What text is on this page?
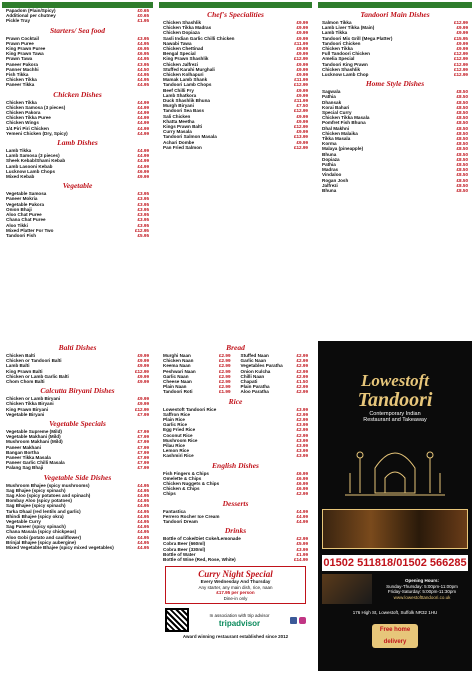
Papadom (Plain/Spicy)	£0.65
Additional per chutney	£0.65
Pickle Tray	£1.95
Starters/ Sea food
Prawn Cocktail	£3.95
Prawn Puree	£4.95
King Prawn Puree	£6.95
King Prawn Tawa	£6.95
Prawn Tawa	£4.95
Paneer Pakora	£3.95
Panner Machhi	£4.50
Fish Tikka	£4.95
Chicken Tikka	£4.95
Paneer Tikka	£4.95
Chicken Dishes
Chicken Tikka	£4.99
Chicken Samosa (3 pieces)	£4.99
Chicken Pakora	£4.99
Chicken Tikka Puree	£4.99
Chicken Wings	£4.99
1/4 Piri Piri Chicken	£4.99
Yemeni Chicken (Dry, Spicy)	£4.99
Lamb Dishes
Lamb Tikka	£4.99
Lamb Samosa (3 pieces)	£4.99
Sheek Kebab/Shami Kebab	£4.99
Lamb Lasooni Kebab	£4.99
Lucknow Lamb Chops	£6.99
Mixed Kebab	£9.99
Vegetable
Vegetable Samosa	£3.95
Paneer Mokria	£3.95
Vegetable Pakora	£3.95
Onion Bhaji	£3.95
Aloo Chat Puree	£3.95
Chana Chat Puree	£3.95
Aloo Tikki	£3.95
Mixed Platter For Two	£12.95
Tandoori Fish	£5.95
Chef's Specialities
Chicken Shashlik	£9.99
Chicken Tikka Madras	£9.99
Chicken Dopiaza	£9.99
Sasli Indian Garlic Chilli Chicken	£9.99
Nawabi Tawa	£11.99
Chicken Chettinad	£9.99
Bengal Special	£9.99
King Prawn Shashlik	£12.99
Chicken Jalfrezi	£9.99
Stuffed Karahi Murghali	£9.99
Chicken Kolhapuri	£9.99
Mamak Lamb Shank	£11.99
Tandoori Lamb Chops	£12.99
Beef Chilli Fry	£9.99
Lamb Shatkora	£9.99
Duck Shashlik Bhuna	£11.99
Murgh Biryani	£7.50
Tandoori Sea Bass	£12.99
Sali Chicken	£9.99
Khatta Meetha	£9.99
Kings Prawn Balti	£12.99
Curry Masala	£9.99
Tandoori Salmon Masala	£13.99
Achari Dombe	£9.99
Pan Fried Salmon	£12.99
Tandoori Main Dishes
Salmon Tikka	£12.99
Lamb Liver Tikka (Main)	£9.99
Lamb Tikka	£9.99
Tandoori Mix Grill (Mega Platter)	£15.95
Tandoori Chicken	£9.99
Chicken Tikka	£9.99
Full Tandoori Chicken	£12.99
Amelia Special	£12.99
Tandoori King Prawn	£12.99
Chicken Shashlik	£12.99
Lucknow Lamb Chop	£12.99
Home Style Dishes
Sagwala	£8.50
Pathia	£8.50
Dhansak	£8.50
Korai Bahari	£8.50
Special Curry	£8.50
Chicken Tikka Masala	£8.50
Pomfret Fish Bhuna	£8.50
Dhal Makhni	£8.50
Chicken Malaika	£8.50
Tikka Masala	£8.50
Korma	£8.50
Malaya (pineapple)	£8.50
Bhuna	£8.50
Dopiaza	£8.50
Pathia	£8.50
Madras	£8.50
Vindaloo	£8.50
Rogan Josh	£8.50
Jalfrezi	£8.50
Bhuna	£8.50
Balti Dishes
Chicken Balti	£9.99
Chicken or Tandoori Balti	£9.99
Lamb Balti	£9.99
King Prawn Balti	£12.99
Chicken or Lamb Garlic Balti	£9.99
Chom Chom Balti	£9.99
Calcutta Biryani Dishes
Chicken or Lamb Biryani	£9.99
Chicken Tikka Biryani	£9.99
King Prawn Biryani	£12.99
Vegetable Biryani	£7.99
Vegetable Specials
Vegetable Supreme (Mild)	£7.99
Vegetable Makhani (Mild)	£7.99
Mushroom Makhani (Mild)	£7.99
Paneer Makhani	£7.99
Bangan Bortha	£7.99
Paneer Tikka Masala	£7.99
Paneer Garlic Chilli Masala	£7.99
Palang Sag Bhaji	£7.99
Vegetable Side Dishes
Mushroom Bhajee (spicy mushrooms)	£4.95
Sag Bhajee (spicy spinach)	£4.95
Sag Aloo (spicy potatoes and spinach)	£4.95
Bombay Aloo (spicy potatoes)	£4.95
Sag Bhajee (spicy spinach)	£4.95
Tarka Dhaal (red lentils and garlic)	£4.95
Bhindi Bhajee (spicy okra)	£4.95
Vegetable Curry	£4.95
Sag Paneer (spicy spinach)	£4.95
Chana Masala (spicy chickpeas)	£4.95
Aloo Gobi (potato and cauliflower)	£4.95
Brinjal Bhajee (spicy aubergine)	£4.95
Mixed Vegetable Bhajee (spicy mixed vegetables)	£4.95
Bread
Murghi Naan	£2.99
Chicken Naan	£2.99
Keema Naan	£2.99
Peshwari Naan	£2.99
Garlic Naan	£2.99
Cheese Naan	£2.99
Plain Naan	£2.99
Tandoori Roti	£1.99
Stuffed Naan	£2.99
Garlic Naan	£2.99
Vegetables Paratha	£2.99
Onion Kulcha	£2.99
Chilli Naan	£2.99
Chapati	£1.50
Plain Paratha	£2.99
Aloo Paratha	£2.99
Rice
Lowestoft Tandoori Rice	£3.99
Saffron Rice	£2.99
Plain Rice	£2.99
Garlic Rice	£3.99
Egg Fried Rice	£2.99
Coconut Rice	£2.99
Mushroom Rice	£3.99
Pilau Rice	£3.99
Lemon Rice	£3.99
Kashmiri Rice	£3.99
English Dishes
Fish Fingers & Chips	£6.99
Omelette & Chips	£6.99
Chicken Nuggets & Chips	£6.99
Chicken & Chips	£6.99
Chips	£2.99
Desserts
Fantastica	£4.99
Ferrero Rocher Ice Cream	£4.99
Tandoori Dream	£4.99
Drinks
Bottle of Coke/Diet Coke/Lemonade	£2.99
Cobra Beer (660ml)	£5.99
Cobra Beer (330ml)	£3.99
Bottle of Water	£1.99
Bottle of Wine (Red, Rose, White)	£14.99
Curry Night Special
Every Wednesday And Thursday
Any starter, any main dish, rice, naan
£17.95 per person
Dine-in only
In association with trip advisor
tripadvisor
Award winning restaurant established since 2012
Lowestoft
Tandoori
Contemporary Indian
Restaurant and Takeaway
01502 511818/01502 566285
Opening Hours:
Sunday-Thursday: 5:00pm-11:00pm
Friday-Saturday: 5:00pm-11:30pm
www.lowestofttandoori.co.uk
176 High St, Lowestoft, Suffolk NR32 1HU
Free home delivery
